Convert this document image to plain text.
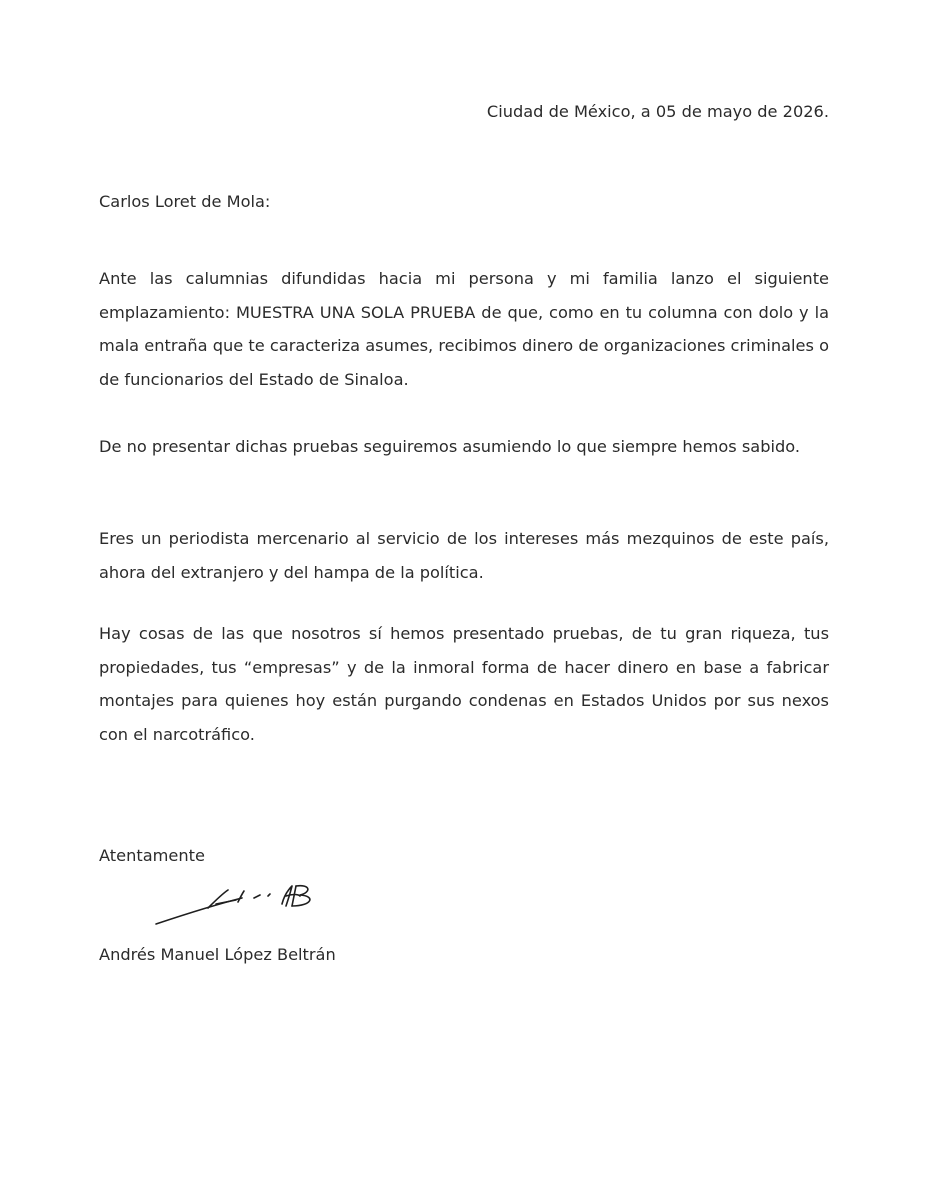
Ciudad de México, a 05 de mayo de 2026.

Carlos Loret de Mola:

Ante las calumnias difundidas hacia mi persona y mi familia lanzo el siguiente emplazamiento: MUESTRA UNA SOLA PRUEBA de que, como en tu columna con dolo y la mala entraña que te caracteriza asumes, recibimos dinero de organizaciones criminales o de funcionarios del Estado de Sinaloa.

De no presentar dichas pruebas seguiremos asumiendo lo que siempre hemos sabido.

Eres un periodista mercenario al servicio de los intereses más mezquinos de este país, ahora del extranjero y del hampa de la política.

Hay cosas de las que nosotros sí hemos presentado pruebas, de tu gran riqueza, tus propiedades, tus “empresas” y de la inmoral forma de hacer dinero en base a fabricar montajes para quienes hoy están purgando condenas en Estados Unidos por sus nexos con el narcotráfico.

Atentamente

Andrés Manuel López Beltrán
